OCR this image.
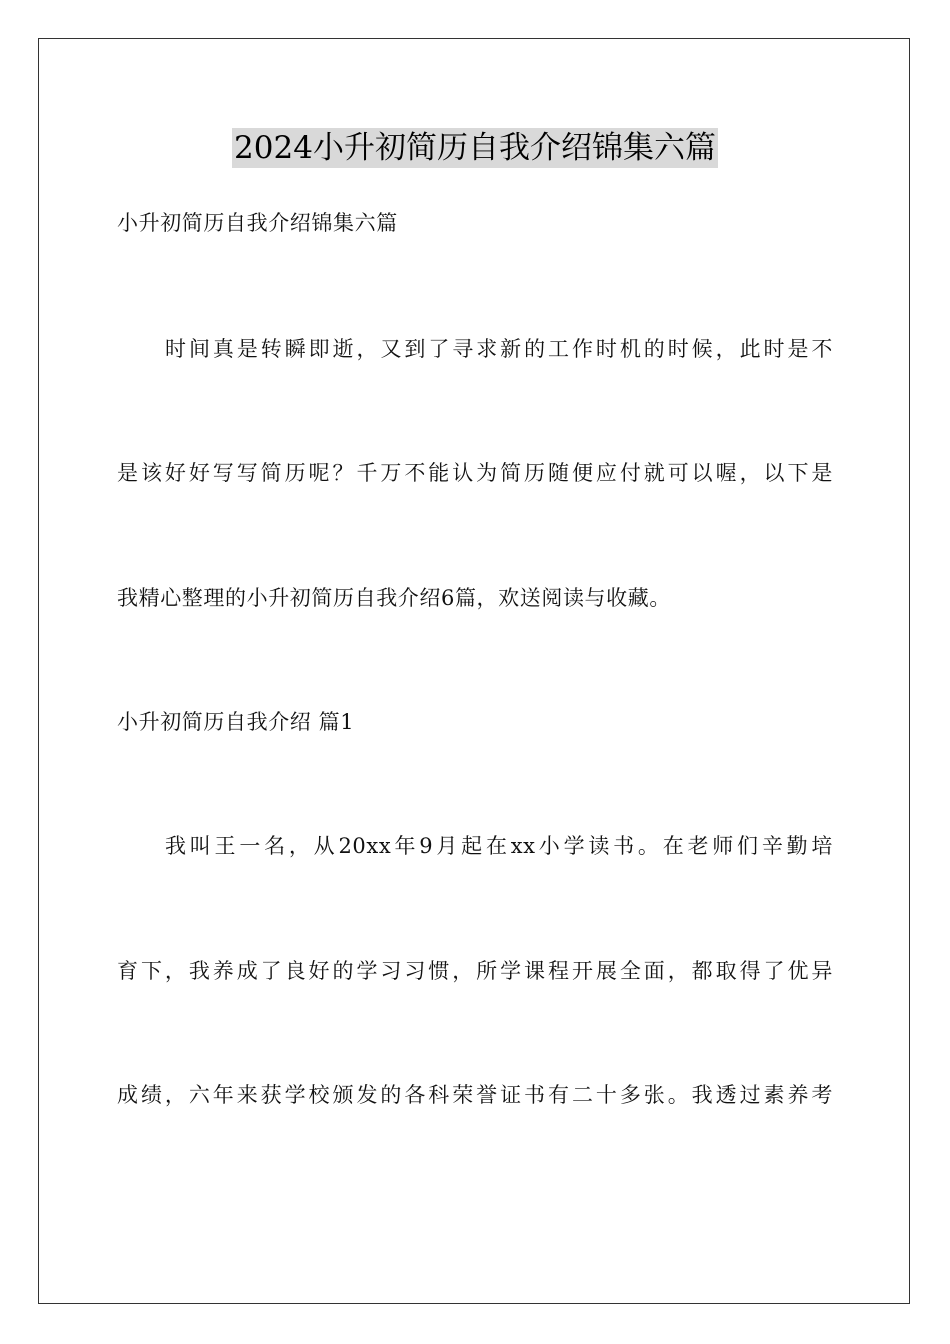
2024小升初简历自我介绍锦集六篇
小升初简历自我介绍锦集六篇
时间真是转瞬即逝，又到了寻求新的工作时机的时候，此时是不
是该好好写写简历呢？千万不能认为简历随便应付就可以喔，以下是
我精心整理的小升初简历自我介绍6篇，欢送阅读与收藏。
小升初简历自我介绍 篇1
我叫王一名，从20xx年9月起在xx小学读书。在老师们辛勤培
育下，我养成了良好的学习习惯，所学课程开展全面，都取得了优异
成绩，六年来获学校颁发的各科荣誉证书有二十多张。我透过素养考
